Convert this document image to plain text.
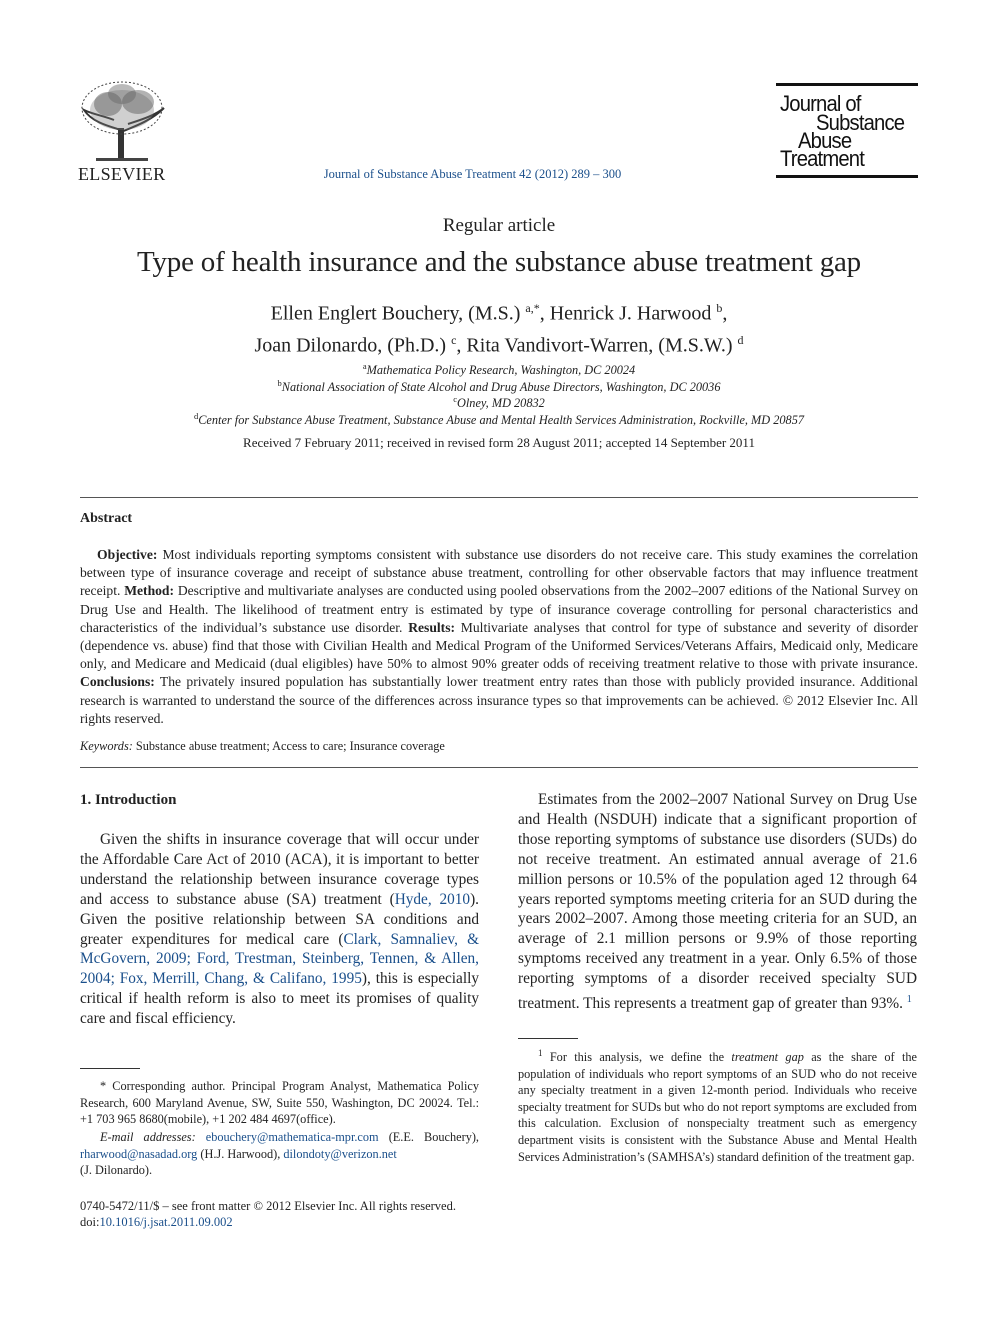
ELSEVIER	Journal of Substance Abuse Treatment 42 (2012) 289 – 300
Journal of
Substance
Abuse
Treatment
Regular article
Type of health insurance and the substance abuse treatment gap
Ellen Englert Bouchery, (M.S.) $^{a,*}$, Henrick J. Harwood $^b$,
Joan Dilonardo, (Ph.D.) $^c$, Rita Vandivort-Warren, (M.S.W.) $^d$
$^a$Mathematica Policy Research, Washington, DC 20024
$^b$National Association of State Alcohol and Drug Abuse Directors, Washington, DC 20036
$^c$Olney, MD 20832
$^d$Center for Substance Abuse Treatment, Substance Abuse and Mental Health Services Administration, Rockville, MD 20857
Received 7 February 2011; received in revised form 28 August 2011; accepted 14 September 2011
Abstract
Objective: Most individuals reporting symptoms consistent with substance use disorders do not receive care. This study examines the correlation between type of insurance coverage and receipt of substance abuse treatment, controlling for other observable factors that may influence treatment receipt. Method: Descriptive and multivariate analyses are conducted using pooled observations from the 2002–2007 editions of the National Survey on Drug Use and Health. The likelihood of treatment entry is estimated by type of insurance coverage controlling for personal characteristics and characteristics of the individual’s substance use disorder. Results: Multivariate analyses that control for type of substance and severity of disorder (dependence vs. abuse) find that those with Civilian Health and Medical Program of the Uniformed Services/Veterans Affairs, Medicaid only, Medicare only, and Medicare and Medicaid (dual eligibles) have 50% to almost 90% greater odds of receiving treatment relative to those with private insurance. Conclusions: The privately insured population has substantially lower treatment entry rates than those with publicly provided insurance. Additional research is warranted to understand the source of the differences across insurance types so that improvements can be achieved. © 2012 Elsevier Inc. All rights reserved.
Keywords: Substance abuse treatment; Access to care; Insurance coverage
1. Introduction
Given the shifts in insurance coverage that will occur under the Affordable Care Act of 2010 (ACA), it is important to better understand the relationship between insurance coverage types and access to substance abuse (SA) treatment (Hyde, 2010). Given the positive relationship between SA conditions and greater expenditures for medical care (Clark, Samnaliev, & McGovern, 2009; Ford, Trestman, Steinberg, Tennen, & Allen, 2004; Fox, Merrill, Chang, & Califano, 1995), this is especially critical if health reform is also to meet its promises of quality care and fiscal efficiency.
Estimates from the 2002–2007 National Survey on Drug Use and Health (NSDUH) indicate that a significant proportion of those reporting symptoms of substance use disorders (SUDs) do not receive treatment. An estimated annual average of 21.6 million persons or 10.5% of the population aged 12 through 64 years reported symptoms meeting criteria for an SUD during the years 2002–2007. Among those meeting criteria for an SUD, an average of 2.1 million persons or 9.9% of those reporting symptoms received any treatment in a year. Only 6.5% of those reporting symptoms of a disorder received specialty SUD treatment. This represents a treatment gap of greater than 93%. $^1$
* Corresponding author. Principal Program Analyst, Mathematica Policy Research, 600 Maryland Avenue, SW, Suite 550, Washington, DC 20024. Tel.: +1 703 965 8680(mobile), +1 202 484 4697(office).
E-mail addresses: ebouchery@mathematica-mpr.com (E.E. Bouchery), rharwood@nasadad.org (H.J. Harwood), dilondoty@verizon.net
(J. Dilonardo).
$^1$ For this analysis, we define the treatment gap as the share of the population of individuals who report symptoms of an SUD who do not receive any specialty treatment in a given 12-month period. Individuals who receive specialty treatment for SUDs but who do not report symptoms are excluded from this calculation. Exclusion of nonspecialty treatment such as emergency department visits is consistent with the Substance Abuse and Mental Health Services Administration’s (SAMHSA’s) standard definition of the treatment gap.
0740-5472/11/$ – see front matter © 2012 Elsevier Inc. All rights reserved.
doi:10.1016/j.jsat.2011.09.002
